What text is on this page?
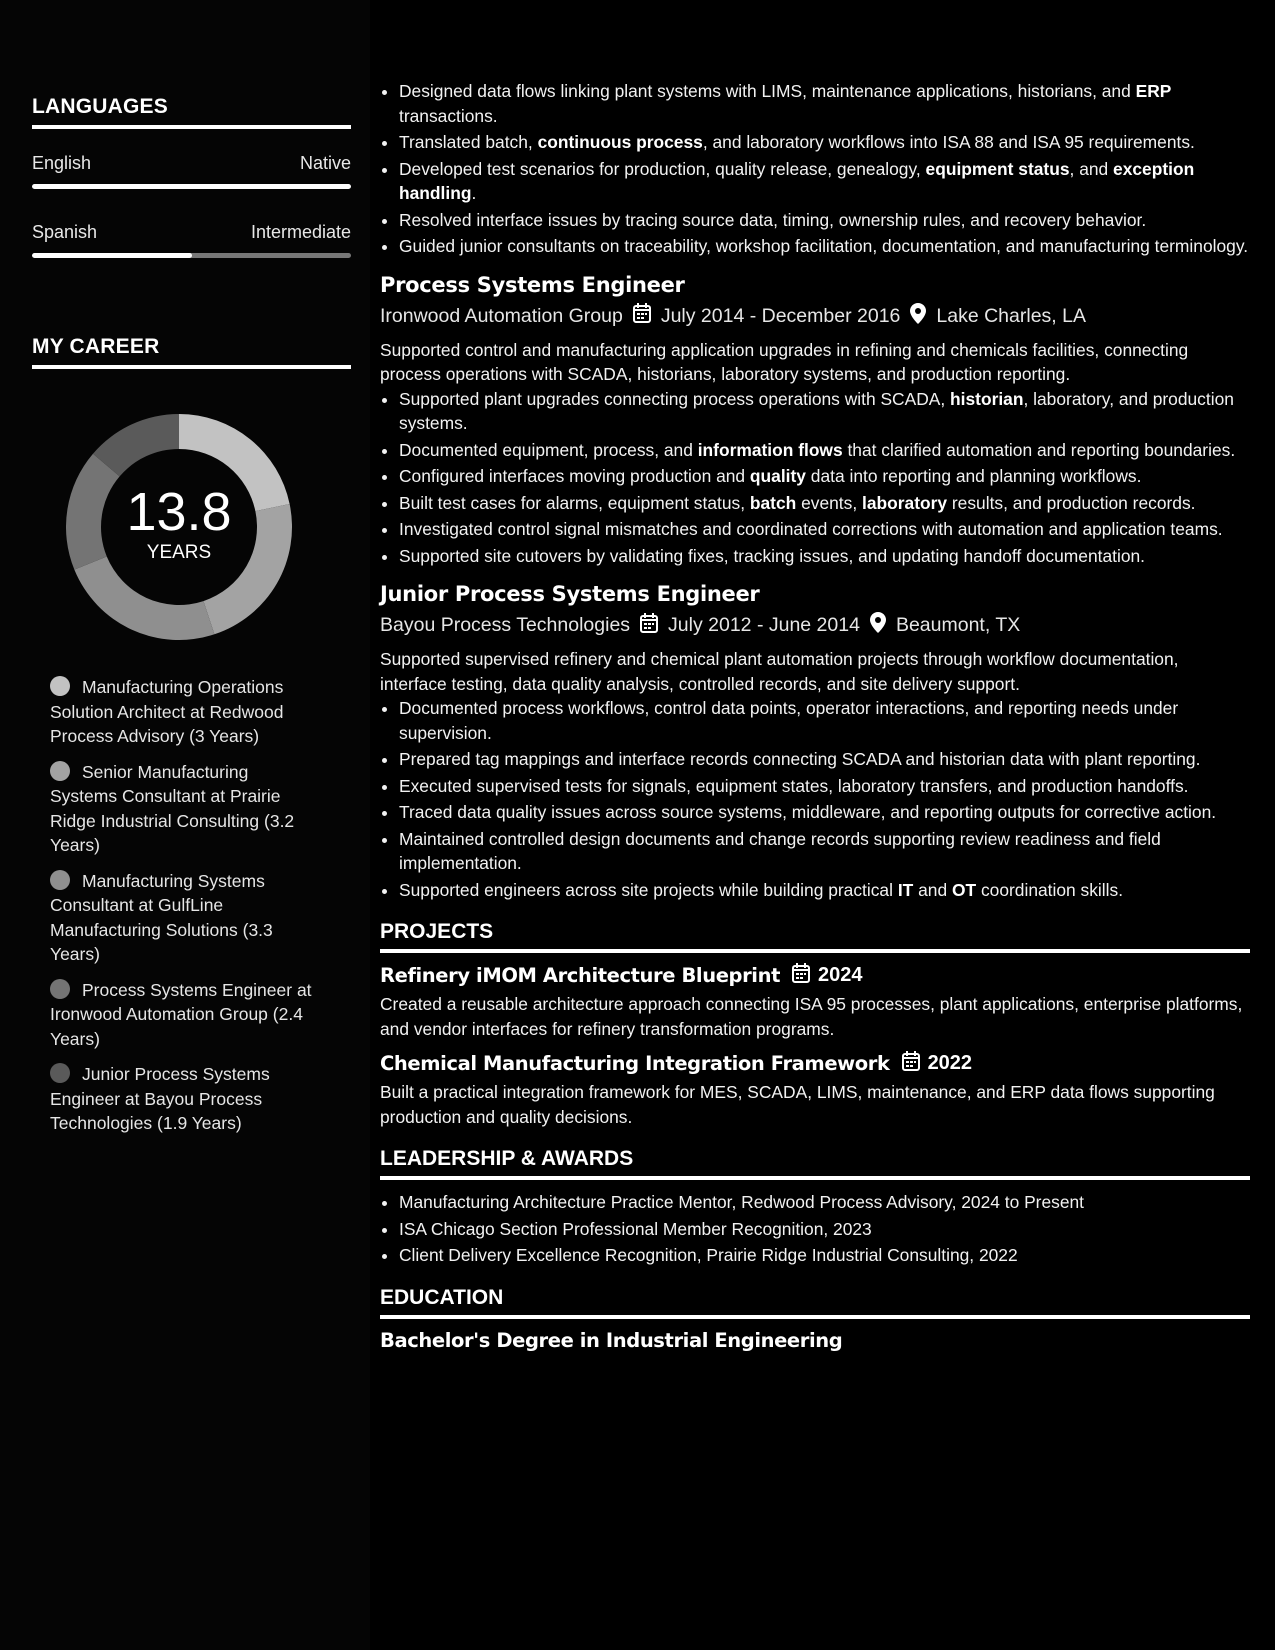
LANGUAGES
English	Native
Spanish	Intermediate
MY CAREER
13.8
YEARS
Manufacturing Operations Solution Architect at Redwood Process Advisory (3 Years)
Senior Manufacturing Systems Consultant at Prairie Ridge Industrial Consulting (3.2 Years)
Manufacturing Systems Consultant at GulfLine Manufacturing Solutions (3.3 Years)
Process Systems Engineer at Ironwood Automation Group (2.4 Years)
Junior Process Systems Engineer at Bayou Process Technologies (1.9 Years)
• Designed data flows linking plant systems with LIMS, maintenance applications, historians, and ERP transactions.
• Translated batch, continuous process, and laboratory workflows into ISA 88 and ISA 95 requirements.
• Developed test scenarios for production, quality release, genealogy, equipment status, and exception handling.
• Resolved interface issues by tracing source data, timing, ownership rules, and recovery behavior.
• Guided junior consultants on traceability, workshop facilitation, documentation, and manufacturing terminology.
Process Systems Engineer
Ironwood Automation Group July 2014 - December 2016 Lake Charles, LA
Supported control and manufacturing application upgrades in refining and chemicals facilities, connecting process operations with SCADA, historians, laboratory systems, and production reporting.
• Supported plant upgrades connecting process operations with SCADA, historian, laboratory, and production systems.
• Documented equipment, process, and information flows that clarified automation and reporting boundaries.
• Configured interfaces moving production and quality data into reporting and planning workflows.
• Built test cases for alarms, equipment status, batch events, laboratory results, and production records.
• Investigated control signal mismatches and coordinated corrections with automation and application teams.
• Supported site cutovers by validating fixes, tracking issues, and updating handoff documentation.
Junior Process Systems Engineer
Bayou Process Technologies July 2012 - June 2014 Beaumont, TX
Supported supervised refinery and chemical plant automation projects through workflow documentation, interface testing, data quality analysis, controlled records, and site delivery support.
• Documented process workflows, control data points, operator interactions, and reporting needs under supervision.
• Prepared tag mappings and interface records connecting SCADA and historian data with plant reporting.
• Executed supervised tests for signals, equipment states, laboratory transfers, and production handoffs.
• Traced data quality issues across source systems, middleware, and reporting outputs for corrective action.
• Maintained controlled design documents and change records supporting review readiness and field implementation.
• Supported engineers across site projects while building practical IT and OT coordination skills.
PROJECTS
Refinery iMOM Architecture Blueprint 2024
Created a reusable architecture approach connecting ISA 95 processes, plant applications, enterprise platforms, and vendor interfaces for refinery transformation programs.
Chemical Manufacturing Integration Framework 2022
Built a practical integration framework for MES, SCADA, LIMS, maintenance, and ERP data flows supporting production and quality decisions.
LEADERSHIP & AWARDS
• Manufacturing Architecture Practice Mentor, Redwood Process Advisory, 2024 to Present
• ISA Chicago Section Professional Member Recognition, 2023
• Client Delivery Excellence Recognition, Prairie Ridge Industrial Consulting, 2022
EDUCATION
Bachelor's Degree in Industrial Engineering
